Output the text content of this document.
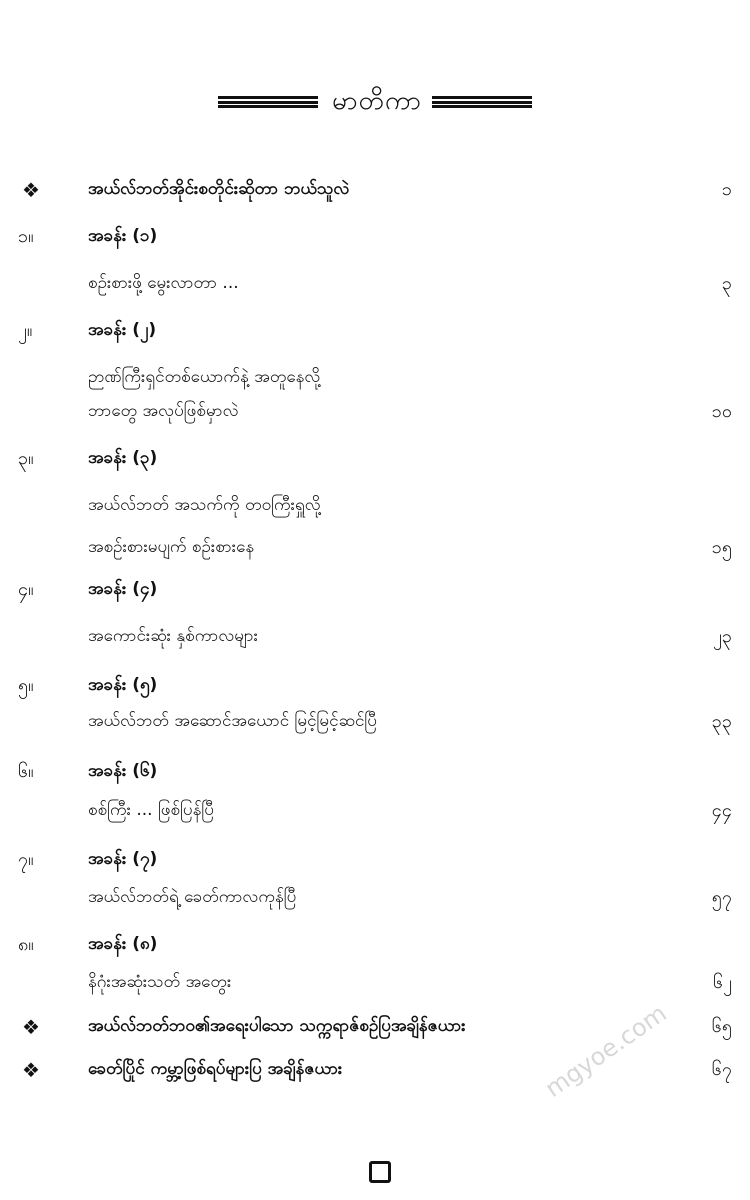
မာတိကာ
❖	အယ်လ်ဘတ်အိုင်းစတိုင်းဆိုတာ ဘယ်သူလဲ	၁
၁။	အခန်း (၁)
စဉ်းစားဖို့ မွေးလာတာ ...	၃
၂။	အခန်း (၂)
ဉာဏ်ကြီးရှင်တစ်ယောက်နဲ့ အတူနေလို့
ဘာတွေ အလုပ်ဖြစ်မှာလဲ	၁၀
၃။	အခန်း (၃)
အယ်လ်ဘတ် အသက်ကို တဝကြီးရှူလို့
အစဉ်းစားမပျက် စဉ်းစားနေ	၁၅
၄။	အခန်း (၄)
အကောင်းဆုံး နှစ်ကာလများ	၂၃
၅။	အခန်း (၅)
အယ်လ်ဘတ် အဆောင်အယောင် မြင့်မြင့်ဆင်ပြီ	၃၃
၆။	အခန်း (၆)
စစ်ကြီး ... ဖြစ်ပြန်ပြီ	၄၄
၇။	အခန်း (၇)
အယ်လ်ဘတ်ရဲ့ ခေတ်ကာလကုန်ပြီ	၅၇
၈။	အခန်း (၈)
နိဂုံးအဆုံးသတ် အတွေး	၆၂
❖	အယ်လ်ဘတ်ဘဝ၏အရေးပါသော သက္ကရာဇ်စဉ်ပြအချိန်ဇယား	၆၅
❖	ခေတ်ပြိုင် ကမ္ဘာ့ဖြစ်ရပ်များပြ အချိန်ဇယား	၆၇
mgyoe.com
